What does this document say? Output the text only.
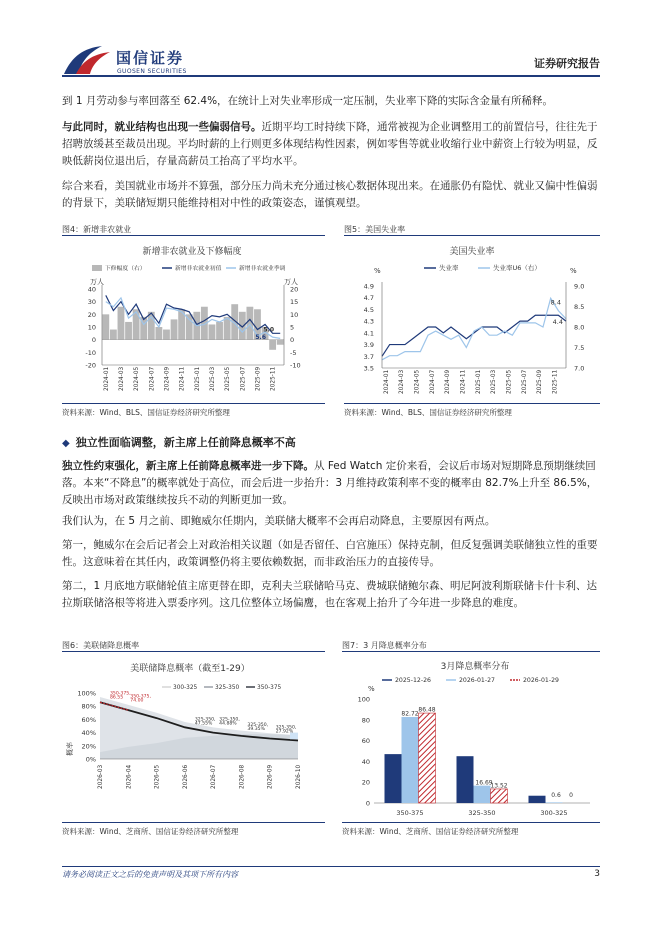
国信证券
GUOSEN SECURITIES
证券研究报告

到 1 月劳动参与率回落至 62.4%，在统计上对失业率形成一定压制，失业率下降的实际含金量有所稀释。

与此同时，就业结构也出现一些偏弱信号。近期平均工时持续下降，通常被视为企业调整用工的前置信号，往往先于招聘放缓甚至裁员出现。平均时薪的上行则更多体现结构性因素，例如零售等就业收缩行业中薪资上行较为明显，反映低薪岗位退出后，存量高薪员工抬高了平均水平。

综合来看，美国就业市场并不算强，部分压力尚未充分通过核心数据体现出来。在通胀仍有隐忧、就业又偏中性偏弱的背景下，美联储短期只能维持相对中性的政策姿态，谨慎观望。

图4：新增非农就业
新增非农就业及下修幅度
下修幅度（右）	新增非农就业初值	新增非农就业季调
万人	万人
40
30
20
10
0
-10
-20
20
15
10
5
0
-5
-10
2024-01 2024-03 2024-05 2024-07 2024-09 2024-11 2025-01 2025-03 2025-05 2025-07 2025-09 2025-11
5.0
5.6
资料来源：Wind、BLS、国信证券经济研究所整理
图5：美国失业率
美国失业率
失业率	失业率U6（右）
%	%
4.9
4.7
4.5
4.3
4.1
3.9
3.7
3.5
9.0
8.5
8.0
7.5
7.0
2024-01 2024-03 2024-05 2024-07 2024-09 2024-11 2025-01 2025-03 2025-05 2025-07 2025-09 2025-11
8.4
4.4
资料来源：Wind、BLS、国信证券经济研究所整理
◆ 独立性面临调整，新主席上任前降息概率不高

独立性约束强化，新主席上任前降息概率进一步下降。从 Fed Watch 定价来看，会议后市场对短期降息预期继续回落。本来“不降息”的概率就处于高位，而会后进一步抬升：3 月维持政策利率不变的概率由 82.7%上升至 86.5%，反映出市场对政策继续按兵不动的判断更加一致。

我们认为，在 5 月之前、即鲍威尔任期内，美联储大概率不会再启动降息，主要原因有两点。

第一，鲍威尔在会后记者会上对政治相关议题（如是否留任、白宫施压）保持克制，但反复强调美联储独立性的重要性。这意味着在其任内，政策调整仍将主要依赖数据，而非政治压力的直接传导。

第二，1 月底地方联储轮值主席更替在即，克利夫兰联储哈马克、费城联储鲍尔森、明尼阿波利斯联储卡什卡利、达拉斯联储洛根等将进入票委序列。这几位整体立场偏鹰，也在客观上抬升了今年进一步降息的难度。

图6：美联储降息概率
美联储降息概率（截至1-29）
300-325	325-350	350-375
概率
100%
80%
60%
40%
20%
0%
2026-03	2026-04	2026-05	2026-06	2026-07	2026-08	2026-09	2026-10
350-375,
86.55 350-375,
74.00
325-350,
47.55%
325-350,
44.88% 325-350,
39.35% 325-350,
27.92%
资料来源：Wind、芝商所、国信证券经济研究所整理
图7：3 月降息概率分布
3月降息概率分布
2025-12-26	2026-01-27	2026-01-29
%
100
80
60
40
20
0
350-375	325-350	300-325
82.72
86.48
16.69
13.52
0.6 0
资料来源：Wind、芝商所、国信证券经济研究所整理
请务必阅读正文之后的免责声明及其项下所有内容	3
